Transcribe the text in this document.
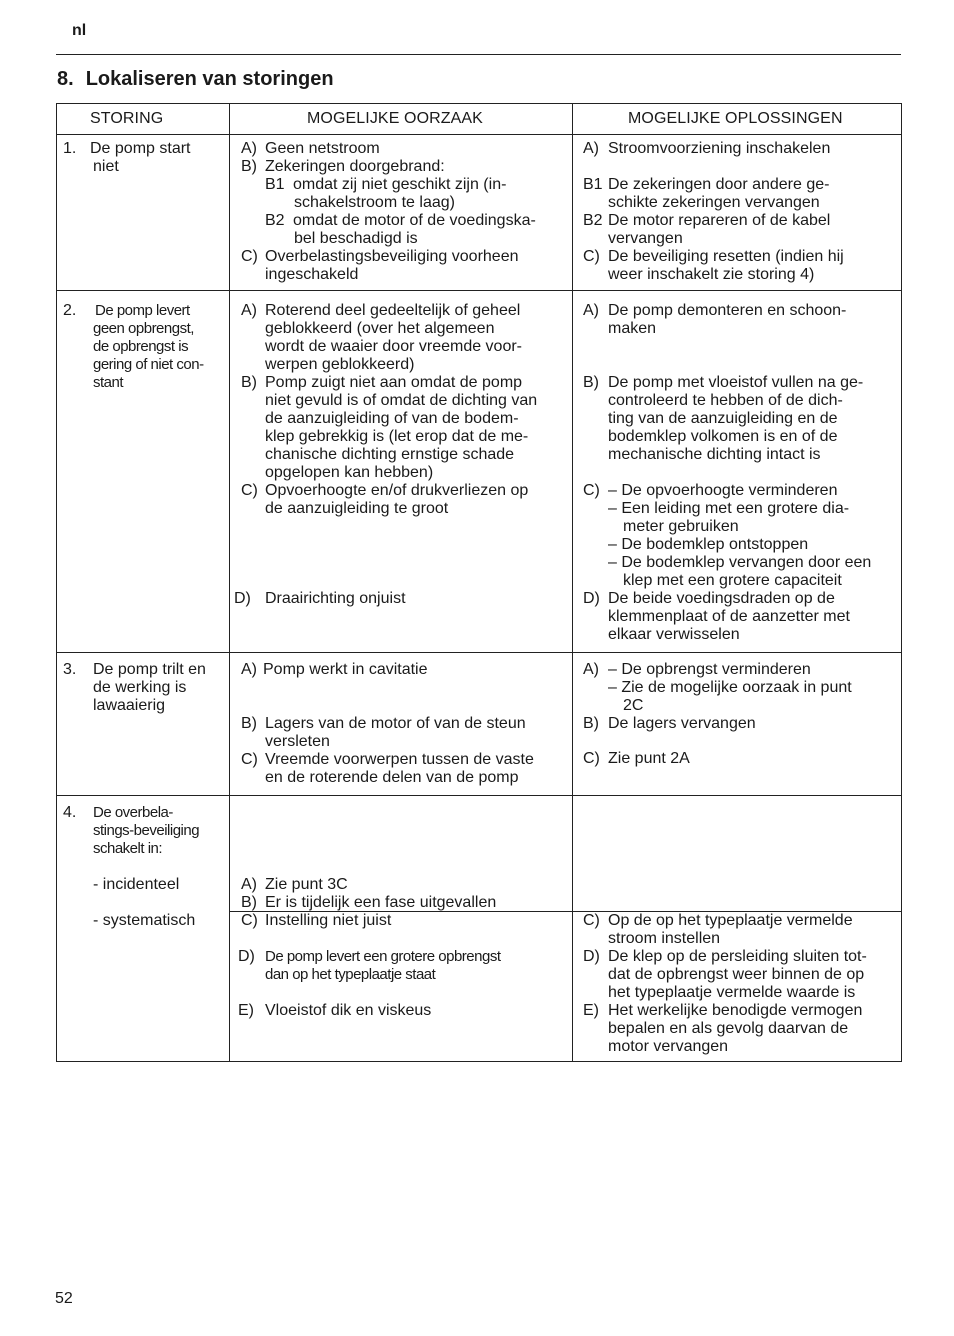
nl
8. Lokaliseren van storingen
STORING	MOGELIJKE OORZAAK	MOGELIJKE OPLOSSINGEN
1. De pomp start
niet
A) Geen netstroom
B) Zekeringen doorgebrand:
B1 omdat zij niet geschikt zijn (in-
schakelstroom te laag)
B2 omdat de motor of de voedingska-
bel beschadigd is
C) Overbelastingsbeveiliging voorheen
ingeschakeld
A) Stroomvoorziening inschakelen
B1 De zekeringen door andere ge-
schikte zekeringen vervangen
B2 De motor repareren of de kabel
vervangen
C) De beveiliging resetten (indien hij
weer inschakelt zie storing 4)
2. De pomp levert
geen opbrengst,
de opbrengst is
gering of niet con-
stant
A) Roterend deel gedeeltelijk of geheel
geblokkeerd (over het algemeen
wordt de waaier door vreemde voor-
werpen geblokkeerd)
B) Pomp zuigt niet aan omdat de pomp
niet gevuld is of omdat de dichting van
de aanzuigleiding of van de bodem-
klep gebrekkig is (let erop dat de me-
chanische dichting ernstige schade
opgelopen kan hebben)
C) Opvoerhoogte en/of drukverliezen op
de aanzuigleiding te groot
D) Draairichting onjuist
A) De pomp demonteren en schoon-
maken
B) De pomp met vloeistof vullen na ge-
controleerd te hebben of de dich-
ting van de aanzuigleiding en de
bodemklep volkomen is en of de
mechanische dichting intact is
C) – De opvoerhoogte verminderen
– Een leiding met een grotere dia-
meter gebruiken
– De bodemklep ontstoppen
– De bodemklep vervangen door een
klep met een grotere capaciteit
D) De beide voedingsdraden op de
klemmenplaat of de aanzetter met
elkaar verwisselen
3. De pomp trilt en
de werking is
lawaaierig
A) Pomp werkt in cavitatie
B) Lagers van de motor of van de steun
versleten
C) Vreemde voorwerpen tussen de vaste
en de roterende delen van de pomp
A) – De opbrengst verminderen
– Zie de mogelijke oorzaak in punt
2C
B) De lagers vervangen
C) Zie punt 2A
4. De overbela-
stings-beveiliging
schakelt in:
- incidenteel
- systematisch
A) Zie punt 3C
B) Er is tijdelijk een fase uitgevallen
C) Instelling niet juist
D) De pomp levert een grotere opbrengst
dan op het typeplaatje staat
E) Vloeistof dik en viskeus
C) Op de op het typeplaatje vermelde
stroom instellen
D) De klep op de persleiding sluiten tot-
dat de opbrengst weer binnen de op
het typeplaatje vermelde waarde is
E) Het werkelijke benodigde vermogen
bepalen en als gevolg daarvan de
motor vervangen
52
